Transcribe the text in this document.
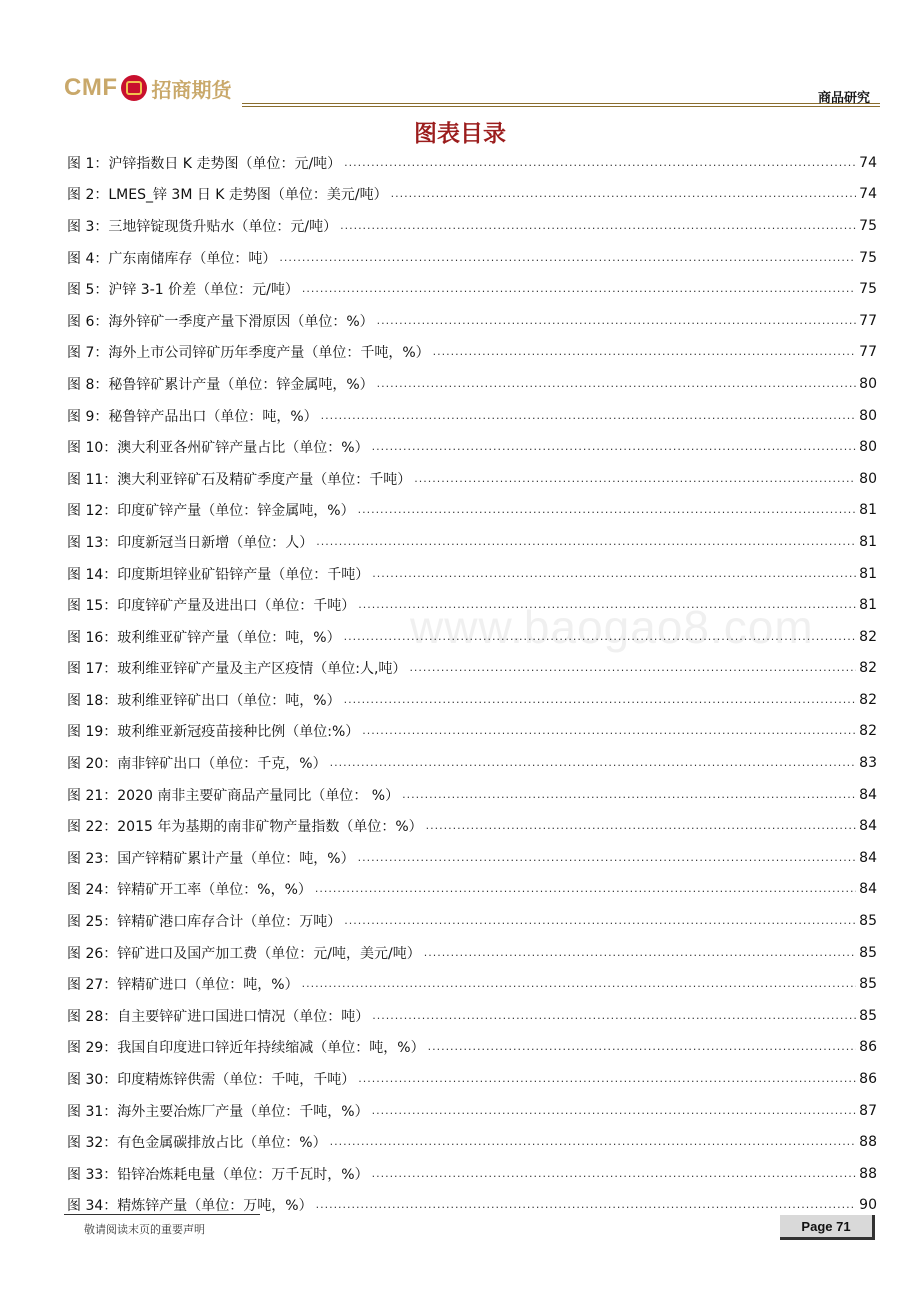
CMF 招商期货	商品研究
图表目录
www.baogao8.com
图 1：沪锌指数日 K 走势图（单位：元/吨） .....	74
图 2：LMES_锌 3M 日 K 走势图（单位：美元/吨） .....	74
图 3：三地锌锭现货升贴水（单位：元/吨） .....	75
图 4：广东南储库存（单位：吨） .....	75
图 5：沪锌 3-1 价差（单位：元/吨） .....	75
图 6：海外锌矿一季度产量下滑原因（单位：%） .....	77
图 7：海外上市公司锌矿历年季度产量（单位：千吨，%） .....	77
图 8：秘鲁锌矿累计产量（单位：锌金属吨，%） .....	80
图 9：秘鲁锌产品出口（单位：吨，%） .....	80
图 10：澳大利亚各州矿锌产量占比（单位：%） .....	80
图 11：澳大利亚锌矿石及精矿季度产量（单位：千吨） .....	80
图 12：印度矿锌产量（单位：锌金属吨，%） .....	81
图 13：印度新冠当日新增（单位：人） .....	81
图 14：印度斯坦锌业矿铅锌产量（单位：千吨） .....	81
图 15：印度锌矿产量及进出口（单位：千吨） .....	81
图 16：玻利维亚矿锌产量（单位：吨，%） .....	82
图 17：玻利维亚锌矿产量及主产区疫情（单位:人,吨） .....	82
图 18：玻利维亚锌矿出口（单位：吨，%） .....	82
图 19：玻利维亚新冠疫苗接种比例（单位:%） .....	82
图 20：南非锌矿出口（单位：千克，%） .....	83
图 21：2020 南非主要矿商品产量同比（单位： %） .....	84
图 22：2015 年为基期的南非矿物产量指数（单位：%） .....	84
图 23：国产锌精矿累计产量（单位：吨，%） .....	84
图 24：锌精矿开工率（单位：%，%） .....	84
图 25：锌精矿港口库存合计（单位：万吨） .....	85
图 26：锌矿进口及国产加工费（单位：元/吨，美元/吨） .....	85
图 27：锌精矿进口（单位：吨，%） .....	85
图 28：自主要锌矿进口国进口情况（单位：吨） .....	85
图 29：我国自印度进口锌近年持续缩减（单位：吨，%） .....	86
图 30：印度精炼锌供需（单位：千吨，千吨） .....	86
图 31：海外主要冶炼厂产量（单位：千吨，%） .....	87
图 32：有色金属碳排放占比（单位：%） .....	88
图 33：铅锌冶炼耗电量（单位：万千瓦时，%） .....	88
图 34：精炼锌产量（单位：万吨，%） .....	90
敬请阅读末页的重要声明	Page 71
